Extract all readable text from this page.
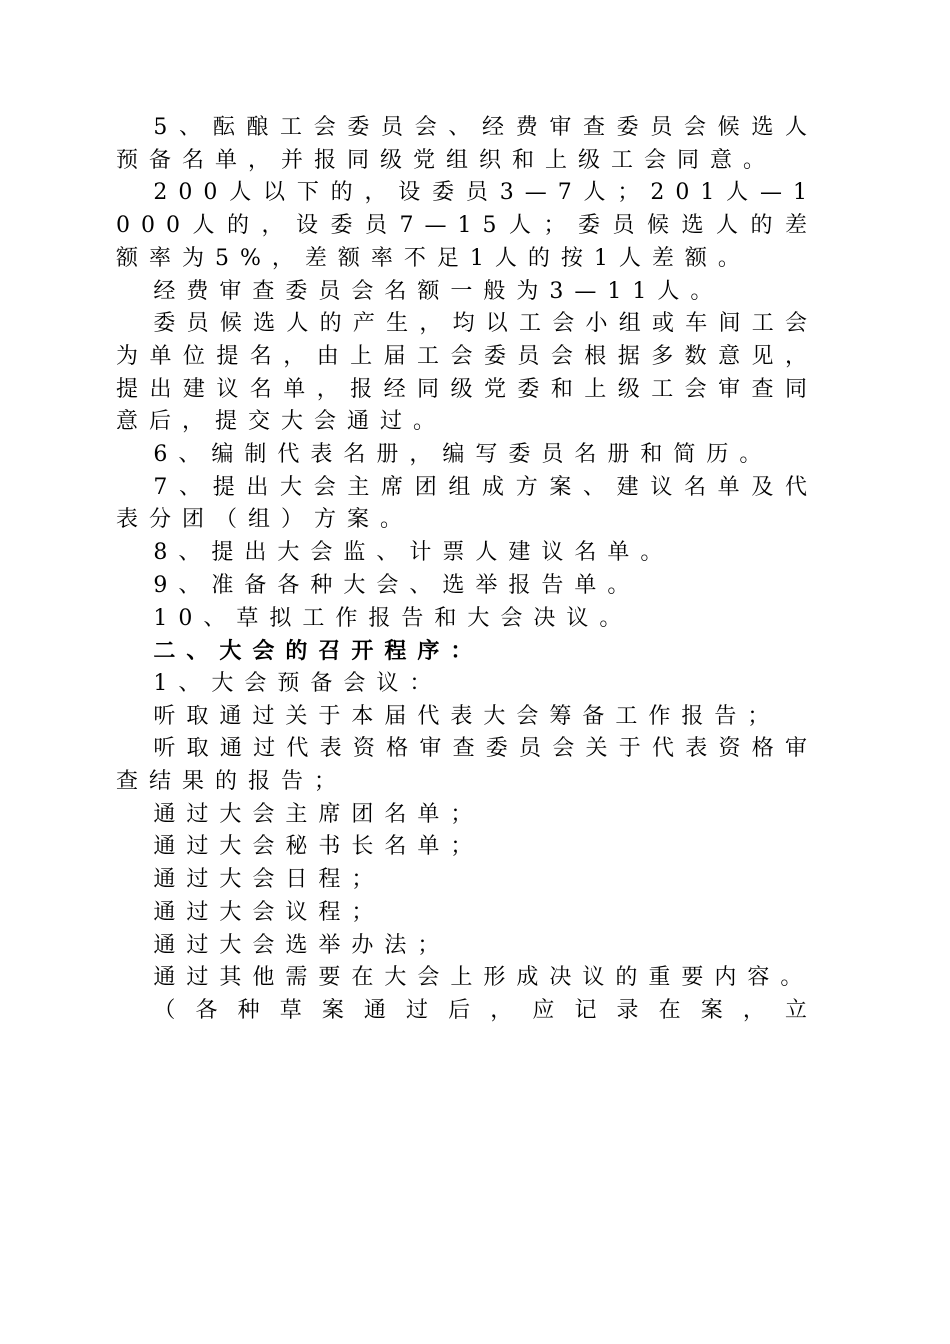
5、酝酿工会委员会、经费审查委员会候选人预备名单，并报同级党组织和上级工会同意。

200人以下的，设委员3—7人；201人—1000人的，设委员7—15人；委员候选人的差额率为5%，差额率不足1人的按1人差额。

经费审查委员会名额一般为3—11人。

委员候选人的产生，均以工会小组或车间工会为单位提名，由上届工会委员会根据多数意见，提出建议名单，报经同级党委和上级工会审查同意后，提交大会通过。

6、编制代表名册，编写委员名册和简历。

7、提出大会主席团组成方案、建议名单及代表分团（组）方案。

8、提出大会监、计票人建议名单。

9、准备各种大会、选举报告单。

10、草拟工作报告和大会决议。

二、大会的召开程序：

1、大会预备会议：

听取通过关于本届代表大会筹备工作报告；

听取通过代表资格审查委员会关于代表资格审查结果的报告；

通过大会主席团名单；

通过大会秘书长名单；

通过大会日程；

通过大会议程；

通过大会选举办法；

通过其他需要在大会上形成决议的重要内容。

（各种草案通过后，应记录在案，立
